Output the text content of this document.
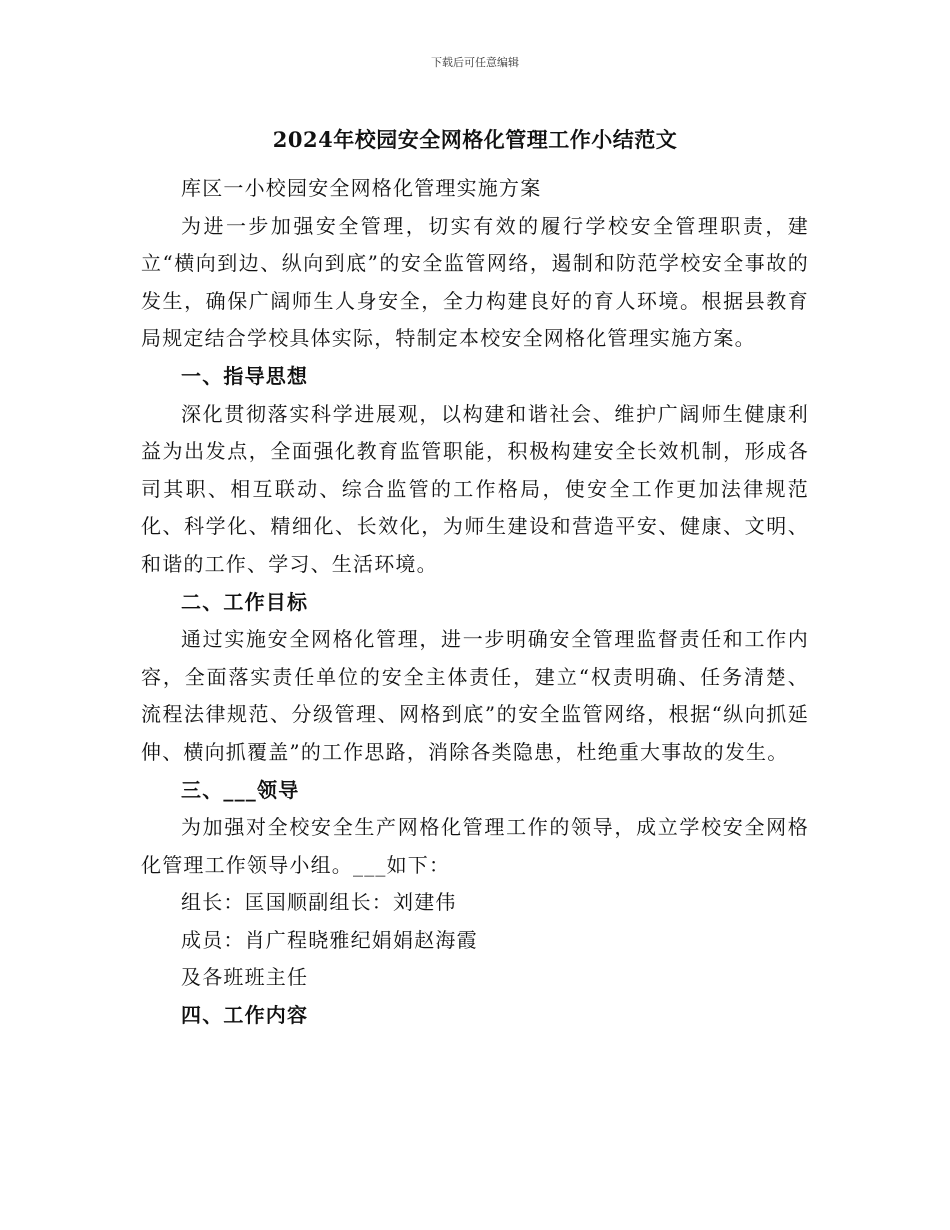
下载后可任意编辑
2024年校园安全网格化管理工作小结范文

库区一小校园安全网格化管理实施方案

为进一步加强安全管理，切实有效的履行学校安全管理职责，建立“横向到边、纵向到底”的安全监管网络，遏制和防范学校安全事故的发生，确保广阔师生人身安全，全力构建良好的育人环境。根据县教育局规定结合学校具体实际，特制定本校安全网格化管理实施方案。

一、指导思想

深化贯彻落实科学进展观，以构建和谐社会、维护广阔师生健康利益为出发点，全面强化教育监管职能，积极构建安全长效机制，形成各司其职、相互联动、综合监管的工作格局，使安全工作更加法律规范化、科学化、精细化、长效化，为师生建设和营造平安、健康、文明、和谐的工作、学习、生活环境。

二、工作目标

通过实施安全网格化管理，进一步明确安全管理监督责任和工作内容，全面落实责任单位的安全主体责任，建立“权责明确、任务清楚、流程法律规范、分级管理、网格到底”的安全监管网络，根据“纵向抓延伸、横向抓覆盖”的工作思路，消除各类隐患，杜绝重大事故的发生。

三、___领导

为加强对全校安全生产网格化管理工作的领导，成立学校安全网格化管理工作领导小组。___如下：

组长：匡国顺副组长：刘建伟

成员：肖广程晓雅纪娟娟赵海霞

及各班班主任

四、工作内容
